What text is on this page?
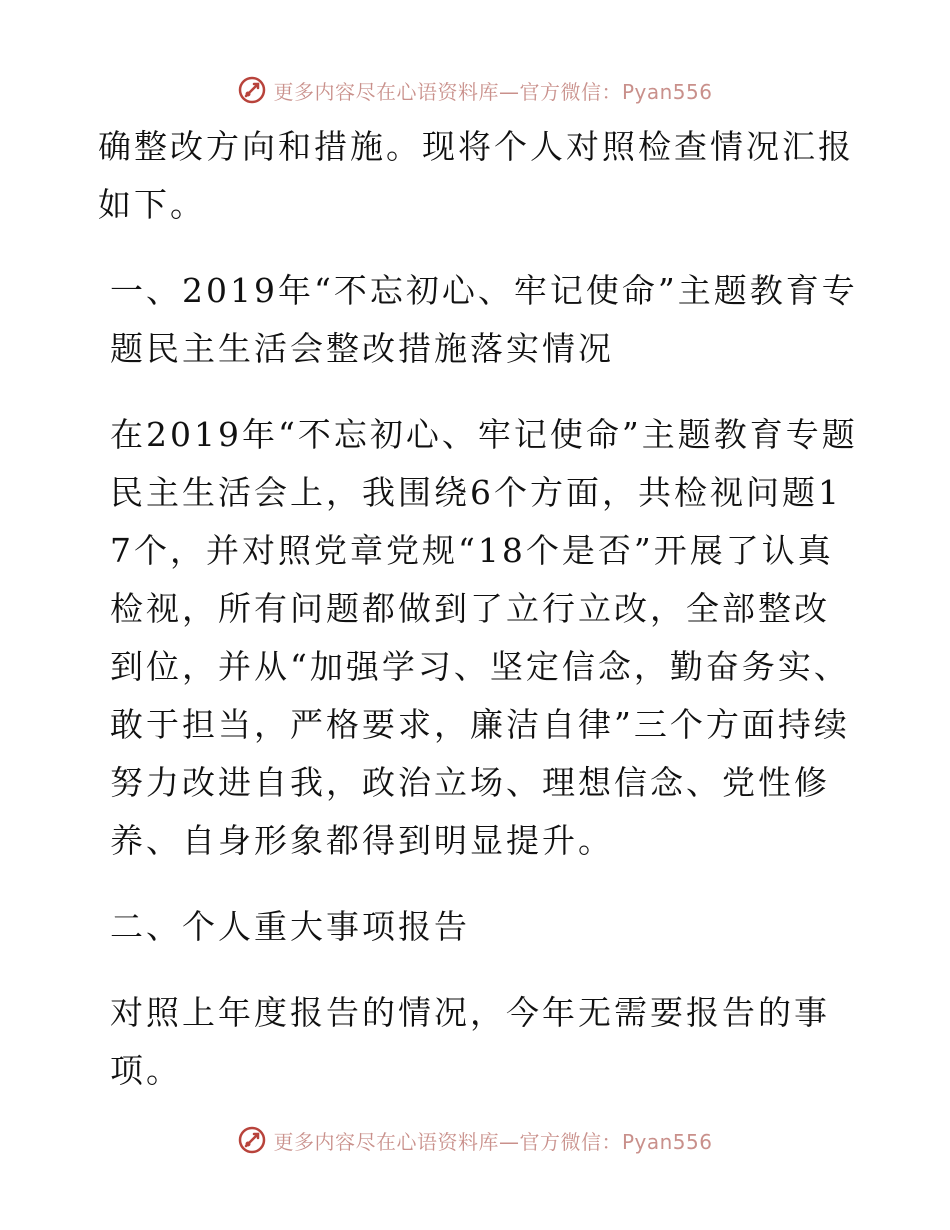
更多内容尽在心语资料库—官方微信：Pyan556

确整改方向和措施。现将个人对照检查情况汇报如下。

一、2019年“不忘初心、牢记使命”主题教育专题民主生活会整改措施落实情况

在2019年“不忘初心、牢记使命”主题教育专题民主生活会上，我围绕6个方面，共检视问题17个，并对照党章党规“18个是否”开展了认真检视，所有问题都做到了立行立改，全部整改到位，并从“加强学习、坚定信念，勤奋务实、敢于担当，严格要求，廉洁自律”三个方面持续努力改进自我，政治立场、理想信念、党性修养、自身形象都得到明显提升。

二、个人重大事项报告

对照上年度报告的情况，今年无需要报告的事项。

更多内容尽在心语资料库—官方微信：Pyan556
